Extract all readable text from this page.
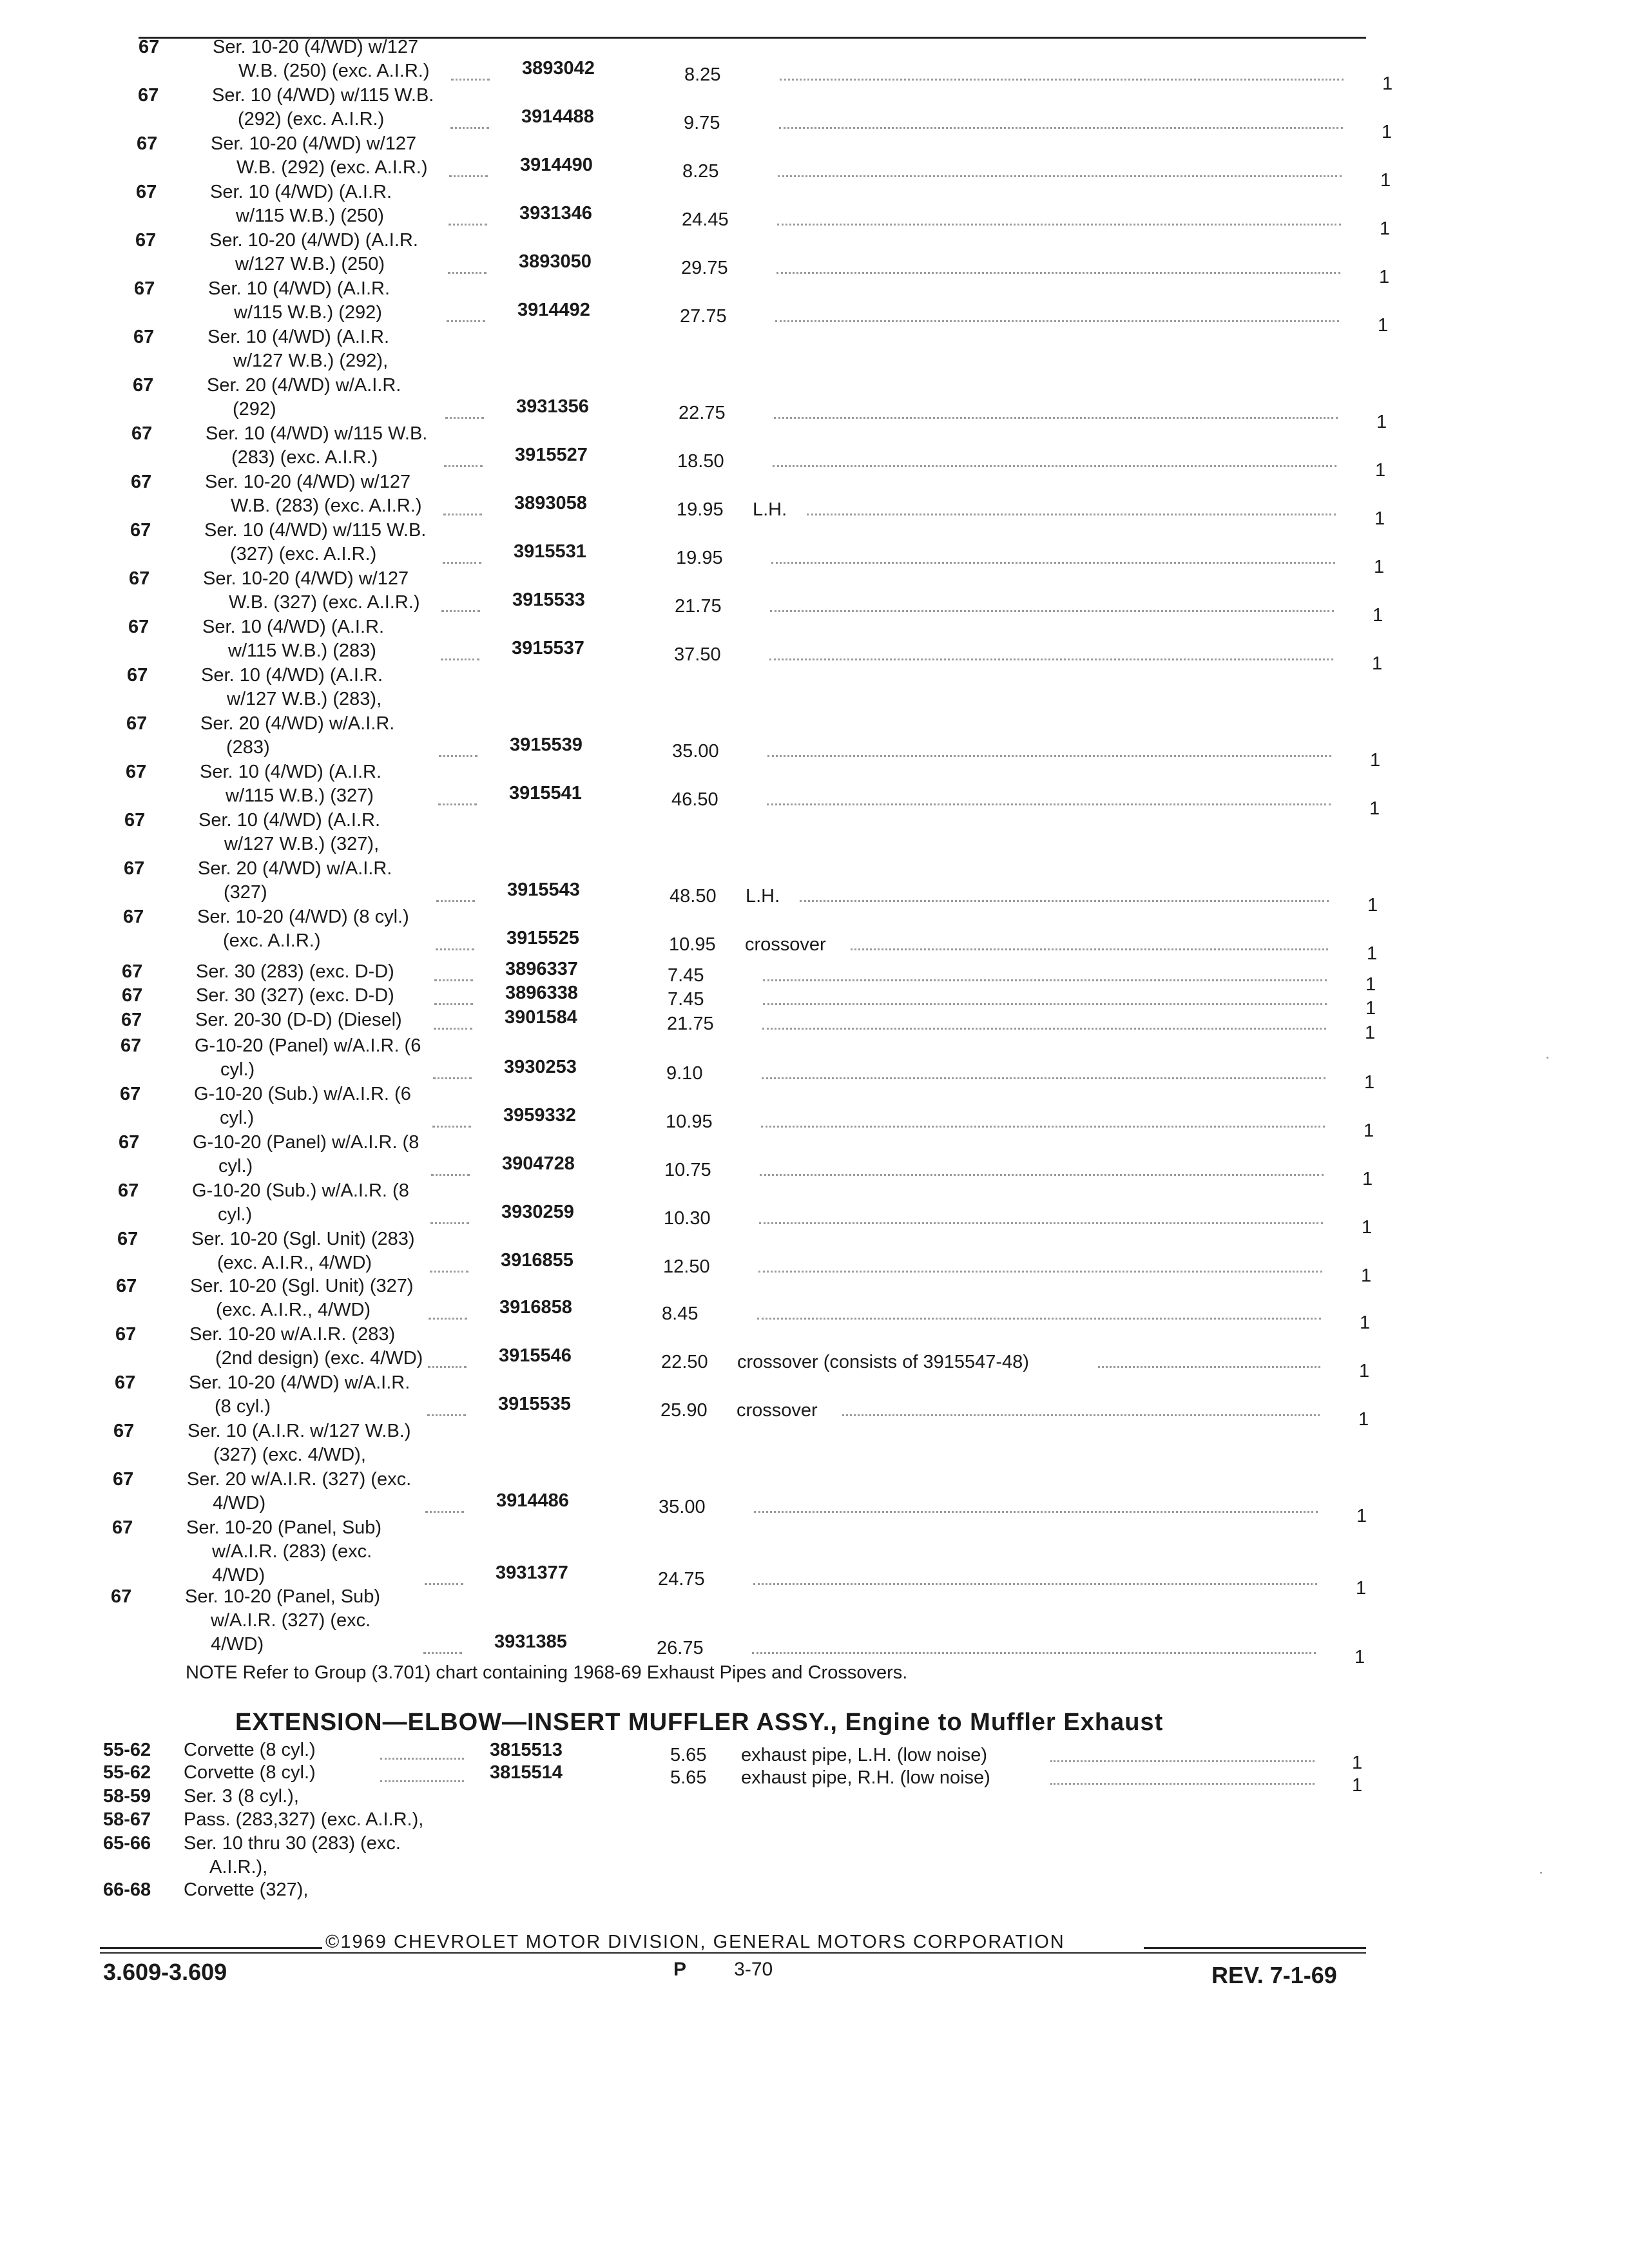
67	Ser. 10-20 (4/WD) w/127
W.B. (250) (exc. A.I.R.)	3893042	8.25	1
67	Ser. 10 (4/WD) w/115 W.B.
(292) (exc. A.I.R.)	3914488	9.75	1
67	Ser. 10-20 (4/WD) w/127
W.B. (292) (exc. A.I.R.)	3914490	8.25	1
67	Ser. 10 (4/WD) (A.I.R.
w/115 W.B.) (250)	3931346	24.45	1
67	Ser. 10-20 (4/WD) (A.I.R.
w/127 W.B.) (250)	3893050	29.75	1
67	Ser. 10 (4/WD) (A.I.R.
w/115 W.B.) (292)	3914492	27.75	1
67	Ser. 10 (4/WD) (A.I.R.
w/127 W.B.) (292),
67	Ser. 20 (4/WD) w/A.I.R.
(292)	3931356	22.75	1
67	Ser. 10 (4/WD) w/115 W.B.
(283) (exc. A.I.R.)	3915527	18.50	1
67	Ser. 10-20 (4/WD) w/127
W.B. (283) (exc. A.I.R.)	3893058	19.95 L.H.	1
67	Ser. 10 (4/WD) w/115 W.B.
(327) (exc. A.I.R.)	3915531	19.95	1
67	Ser. 10-20 (4/WD) w/127
W.B. (327) (exc. A.I.R.)	3915533	21.75	1
67	Ser. 10 (4/WD) (A.I.R.
w/115 W.B.) (283)	3915537	37.50	1
67	Ser. 10 (4/WD) (A.I.R.
w/127 W.B.) (283),
67	Ser. 20 (4/WD) w/A.I.R.
(283)	3915539	35.00	1
67	Ser. 10 (4/WD) (A.I.R.
w/115 W.B.) (327)	3915541	46.50	1
67	Ser. 10 (4/WD) (A.I.R.
w/127 W.B.) (327),
67	Ser. 20 (4/WD) w/A.I.R.
(327)	3915543	48.50 L.H.	1
67	Ser. 10-20 (4/WD) (8 cyl.)
(exc. A.I.R.)	3915525	10.95 crossover	1
67	Ser. 30 (283) (exc. D-D)	3896337	7.45	1
67	Ser. 30 (327) (exc. D-D)	3896338	7.45	1
67	Ser. 20-30 (D-D) (Diesel)	3901584	21.75	1
67	G-10-20 (Panel) w/A.I.R. (6
cyl.)	3930253	9.10	1
67	G-10-20 (Sub.) w/A.I.R. (6
cyl.)	3959332	10.95	1
67	G-10-20 (Panel) w/A.I.R. (8
cyl.)	3904728	10.75	1
67	G-10-20 (Sub.) w/A.I.R. (8
cyl.)	3930259	10.30	1
67	Ser. 10-20 (Sgl. Unit) (283)
(exc. A.I.R., 4/WD)	3916855	12.50	1
67	Ser. 10-20 (Sgl. Unit) (327)
(exc. A.I.R., 4/WD)	3916858	8.45	1
67	Ser. 10-20 w/A.I.R. (283)
(2nd design) (exc. 4/WD)	3915546	22.50 crossover (consists of 3915547-48)	1
67	Ser. 10-20 (4/WD) w/A.I.R.
(8 cyl.)	3915535	25.90 crossover	1
67	Ser. 10 (A.I.R. w/127 W.B.)
(327) (exc. 4/WD),
67	Ser. 20 w/A.I.R. (327) (exc.
4/WD)	3914486	35.00	1
67	Ser. 10-20 (Panel, Sub)
w/A.I.R. (283) (exc.
4/WD)	3931377	24.75	1
67	Ser. 10-20 (Panel, Sub)
w/A.I.R. (327) (exc.
4/WD)	3931385	26.75	1
NOTE Refer to Group (3.701) chart containing 1968-69 Exhaust Pipes and Crossovers.
EXTENSION—ELBOW—INSERT MUFFLER ASSY., Engine to Muffler Exhaust
55-62	Corvette (8 cyl.)	3815513	5.65 exhaust pipe, L.H. (low noise)	1
55-62	Corvette (8 cyl.)	3815514	5.65 exhaust pipe, R.H. (low noise)	1
58-59	Ser. 3 (8 cyl.),
58-67	Pass. (283,327) (exc. A.I.R.),
65-66	Ser. 10 thru 30 (283) (exc.
A.I.R.),
66-68	Corvette (327),
©1969 CHEVROLET MOTOR DIVISION, GENERAL MOTORS CORPORATION
3.609-3.609	P 3-70	REV. 7-1-69
